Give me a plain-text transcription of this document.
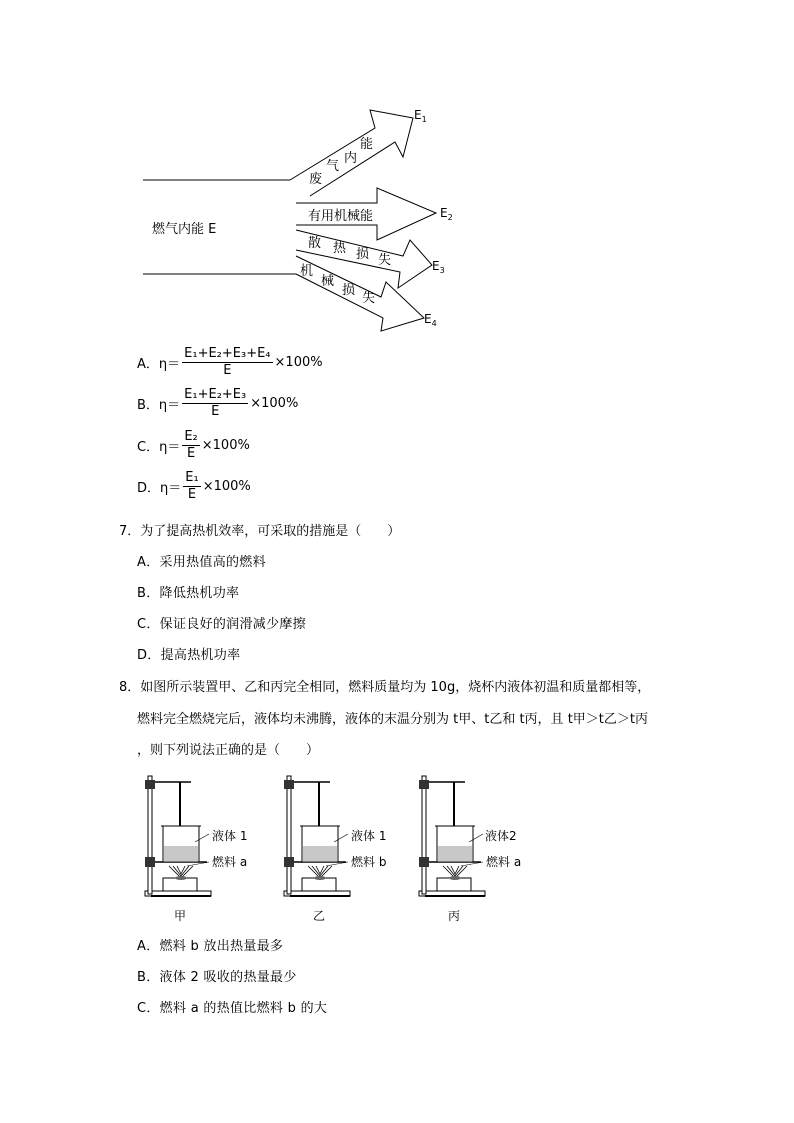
燃气内能 E
废
气
内
能
有用机械能
散 热 损 失
机
械
损
失
$E_1$
$E_2$
$E_3$
$E_4$
A．$\eta= \frac{\text{E₁+E₂+E₃+E₄}}{E} \times 100\%$
B．$\eta= \frac{\text{E₁+E₂+E₃}}{E} \times 100\%$
C．$\eta= \frac{\text{E₂}}{E} \times 100\%$
D．$\eta= \frac{\text{E₁}}{E} \times 100\%$
7．为了提高热机效率，可采取的措施是（　　）
A．采用热值高的燃料
B．降低热机功率
C．保证良好的润滑减少摩擦
D．提高热机功率
8．如图所示装置甲、乙和丙完全相同，燃料质量均为 10g，烧杯内液体初温和质量都相等，
燃料完全燃烧完后，液体均未沸腾，液体的末温分别为 t甲、t乙和 t丙，且 t甲＞t乙＞t丙
，则下列说法正确的是（　　）
液体 1
燃料 a
甲
液体 1
燃料 b
乙
液体2
燃料 a
丙
A．燃料 b 放出热量最多
B．液体 2 吸收的热量最少
C．燃料 a 的热值比燃料 b 的大
